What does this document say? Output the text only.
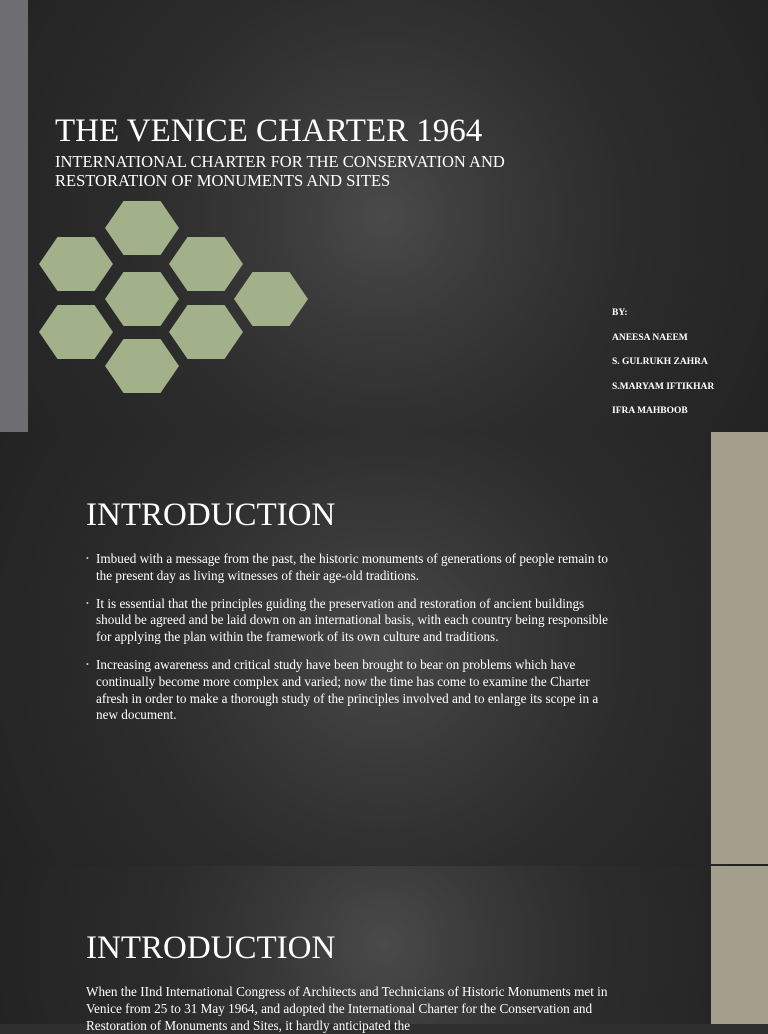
THE VENICE CHARTER 1964

INTERNATIONAL CHARTER FOR THE CONSERVATION AND RESTORATION OF MONUMENTS AND SITES

BY:
ANEESA NAEEM
S. GULRUKH ZAHRA
S.MARYAM IFTIKHAR
IFRA MAHBOOB
INTRODUCTION
• Imbued with a message from the past, the historic monuments of generations of people remain to the present day as living witnesses of their age-old traditions.
• It is essential that the principles guiding the preservation and restoration of ancient buildings should be agreed and be laid down on an international basis, with each country being responsible for applying the plan within the framework of its own culture and traditions.
• Increasing awareness and critical study have been brought to bear on problems which have continually become more complex and varied; now the time has come to examine the Charter afresh in order to make a thorough study of the principles involved and to enlarge its scope in a new document.
INTRODUCTION

When the IInd International Congress of Architects and Technicians of Historic Monuments met in Venice from 25 to 31 May 1964, and adopted the International Charter for the Conservation and Restoration of Monuments and Sites, it hardly anticipated the
